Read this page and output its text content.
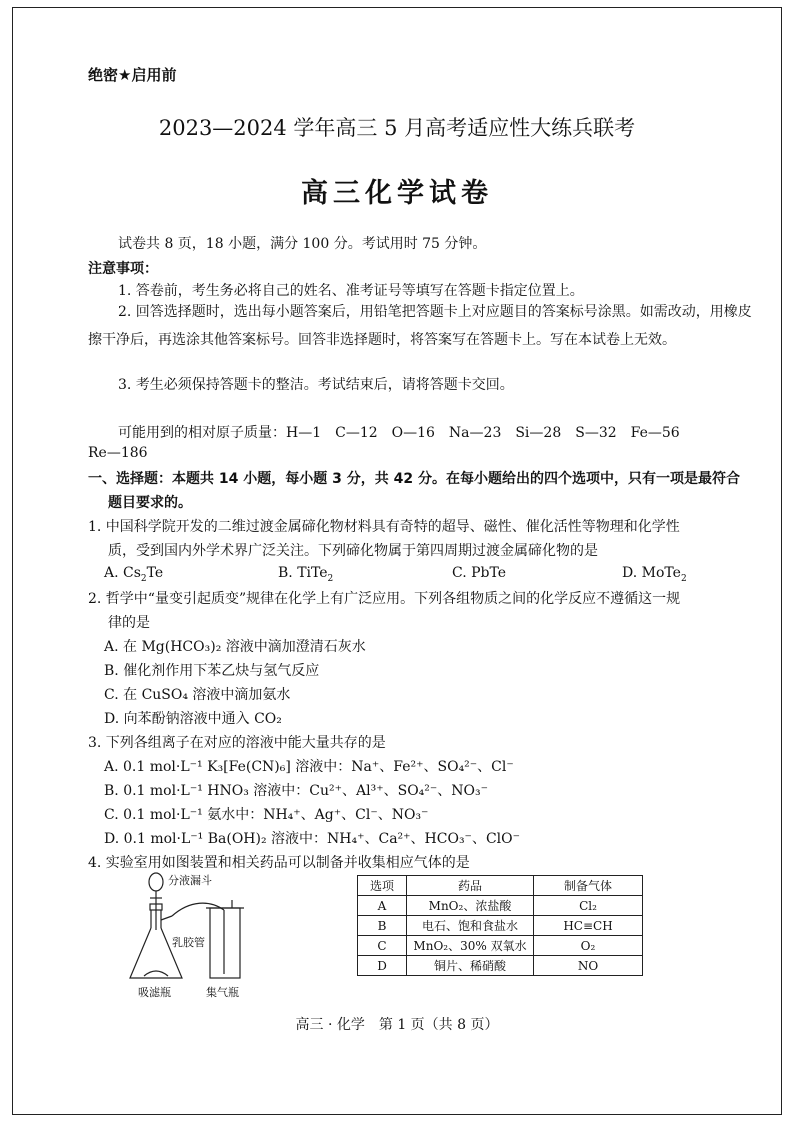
绝密★启用前
2023—2024 学年高三 5 月高考适应性大练兵联考
高三化学试卷
试卷共 8 页，18 小题，满分 100 分。考试用时 75 分钟。
注意事项：
1. 答卷前，考生务必将自己的姓名、准考证号等填写在答题卡指定位置上。
2. 回答选择题时，选出每小题答案后，用铅笔把答题卡上对应题目的答案标号涂黑。如需改动，用橡皮擦干净后，再选涂其他答案标号。回答非选择题时，将答案写在答题卡上。写在本试卷上无效。
3. 考生必须保持答题卡的整洁。考试结束后，请将答题卡交回。
可能用到的相对原子质量：H—1　C—12　O—16　Na—23　Si—28　S—32　Fe—56
Re—186
一、选择题：本题共 14 小题，每小题 3 分，共 42 分。在每小题给出的四个选项中，只有一项是最符合
题目要求的。
1. 中国科学院开发的二维过渡金属碲化物材料具有奇特的超导、磁性、催化活性等物理和化学性
质，受到国内外学术界广泛关注。下列碲化物属于第四周期过渡金属碲化物的是
A. $Cs_2Te$	B. TiTe$_2$	C. PbTe	D. MoTe$_2$
2. 哲学中“量变引起质变”规律在化学上有广泛应用。下列各组物质之间的化学反应不遵循这一规
律的是
A. 在 Mg(HCO₃)₂ 溶液中滴加澄清石灰水
B. 催化剂作用下苯乙炔与氢气反应
C. 在 CuSO₄ 溶液中滴加氨水
D. 向苯酚钠溶液中通入 CO₂
3. 下列各组离子在对应的溶液中能大量共存的是
A. 0.1 mol·L⁻¹ K₃[Fe(CN)₆] 溶液中：Na⁺、Fe²⁺、SO₄²⁻、Cl⁻
B. 0.1 mol·L⁻¹ HNO₃ 溶液中：Cu²⁺、Al³⁺、SO₄²⁻、NO₃⁻
C. 0.1 mol·L⁻¹ 氨水中：NH₄⁺、Ag⁺、Cl⁻、NO₃⁻
D. 0.1 mol·L⁻¹ Ba(OH)₂ 溶液中：NH₄⁺、Ca²⁺、HCO₃⁻、ClO⁻
4. 实验室用如图装置和相关药品可以制备并收集相应气体的是
分液漏斗
乳胶管
吸滤瓶	集气瓶
选项	药品	制备气体
A	MnO₂、浓盐酸	Cl₂
B	电石、饱和食盐水	HC≡CH
C	MnO₂、30% 双氧水	O₂
D	铜片、稀硝酸	NO
高三 · 化学　第 1 页（共 8 页）
